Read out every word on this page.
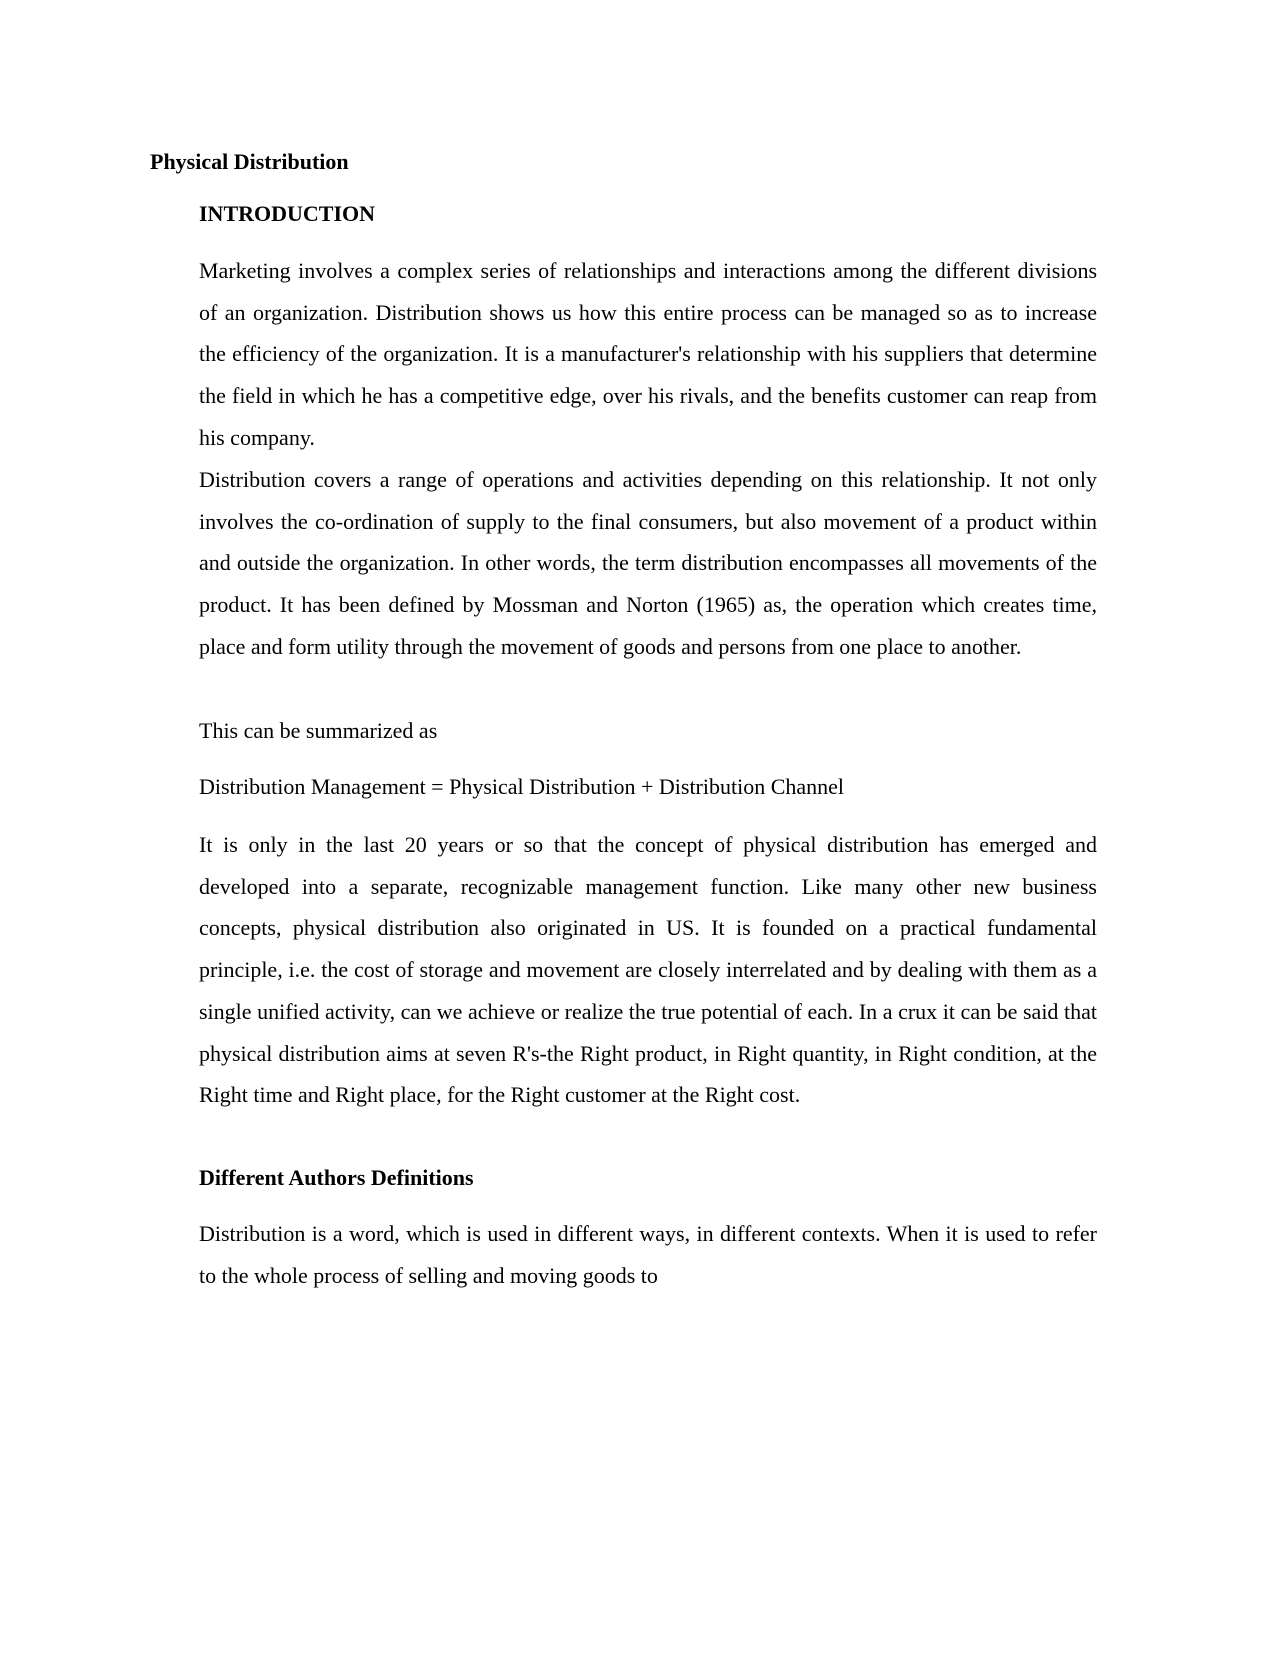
Physical Distribution
INTRODUCTION

Marketing involves a complex series of relationships and interactions among the different divisions of an organization. Distribution shows us how this entire process can be managed so as to increase the efficiency of the organization. It is a manufacturer's relationship with his suppliers that determine the field in which he has a competitive edge, over his rivals, and the benefits customer can reap from his company.

Distribution covers a range of operations and activities depending on this relationship. It not only involves the co-ordination of supply to the final consumers, but also movement of a product within and outside the organization. In other words, the term distribution encompasses all movements of the product. It has been defined by Mossman and Norton (1965) as, the operation which creates time, place and form utility through the movement of goods and persons from one place to another.

This can be summarized as

Distribution Management = Physical Distribution + Distribution Channel

It is only in the last 20 years or so that the concept of physical distribution has emerged and developed into a separate, recognizable management function. Like many other new business concepts, physical distribution also originated in US. It is founded on a practical fundamental principle, i.e. the cost of storage and movement are closely interrelated and by dealing with them as a single unified activity, can we achieve or realize the true potential of each. In a crux it can be said that physical distribution aims at seven R's-the Right product, in Right quantity, in Right condition, at the Right time and Right place, for the Right customer at the Right cost.

Different Authors Definitions

Distribution is a word, which is used in different ways, in different contexts. When it is used to refer to the whole process of selling and moving goods to
